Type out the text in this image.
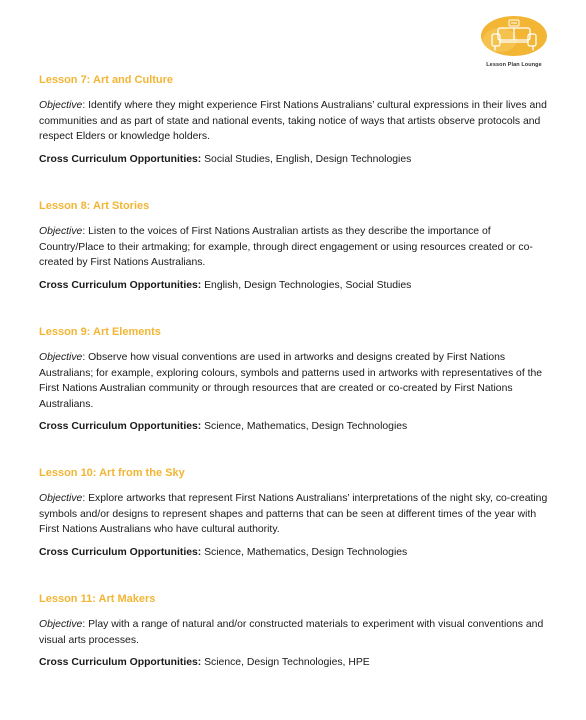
Lesson Plan Lounge
Lesson 7: Art and Culture

Objective: Identify where they might experience First Nations Australians’ cultural expressions in their lives and communities and as part of state and national events, taking notice of ways that artists observe protocols and respect Elders or knowledge holders.

Cross Curriculum Opportunities: Social Studies, English, Design Technologies

Lesson 8: Art Stories

Objective: Listen to the voices of First Nations Australian artists as they describe the importance of Country/Place to their artmaking; for example, through direct engagement or using resources created or co-created by First Nations Australians.

Cross Curriculum Opportunities: English, Design Technologies, Social Studies

Lesson 9: Art Elements

Objective: Observe how visual conventions are used in artworks and designs created by First Nations Australians; for example, exploring colours, symbols and patterns used in artworks with representatives of the First Nations Australian community or through resources that are created or co-created by First Nations Australians.

Cross Curriculum Opportunities: Science, Mathematics, Design Technologies

Lesson 10: Art from the Sky

Objective: Explore artworks that represent First Nations Australians’ interpretations of the night sky, co-creating symbols and/or designs to represent shapes and patterns that can be seen at different times of the year with First Nations Australians who have cultural authority.

Cross Curriculum Opportunities: Science, Mathematics, Design Technologies

Lesson 11: Art Makers

Objective: Play with a range of natural and/or constructed materials to experiment with visual conventions and visual arts processes.

Cross Curriculum Opportunities: Science, Design Technologies, HPE
